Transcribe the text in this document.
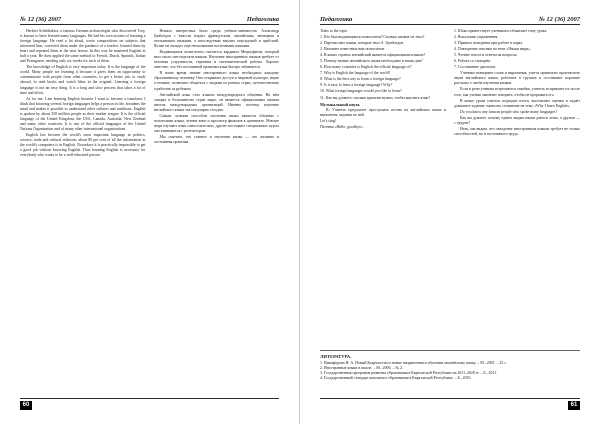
№ 12 (36) 2007	Педагогика

Herbert Schildtakers, a famous German archaeologist who discovered Troy, is known to have learned many languages. He had his own system of learning a foreign language. He read a lot aloud, wrote compositions on subjects that interested him, corrected them under the guidance of a teacher, learned them by heart and repeated them at the next lesson. In this way he mastered English in half a year. He then applied the same method to French, Dutch, Spanish, Italian and Portuguese, needing only six weeks for each of them.

The knowledge of English is very important today. It is the language of the world. Many people are learning it because it gives them an opportunity to communicate with people from other countries, to get a better job, to study abroad, to read books and watch films in the original. Learning a foreign language is not an easy thing. It is a long and slow process that takes a lot of time and effort.

As for me, I am learning English because I want to become a translator. I think that knowing several foreign languages helps a person in life, broadens the mind and makes it possible to understand other cultures and traditions. English is spoken by about 350 million people as their mother tongue. It is the official language of the United Kingdom, the USA, Canada, Australia, New Zealand and many other countries. It is one of the official languages of the United Nations Organization and of many other international organizations.

English has become the world's most important language in politics, science, trade and cultural relations; about 80 per cent of all the information in the world's computers is in English. Nowadays it is practically impossible to get a good job without knowing English. Thus learning English is necessary for everybody who wants to be a well-educated person.

Немало интересных было среди учёных-лингвистов. Александр Грибоедов с юности владел французским, английским, немецким и итальянским языками, а впоследствии выучил персидский и арабский. Позже он овладел ещё несколькими восточными языками.

Выдающимся полиглотом считается кардинал Меццофанти, который знал около шестидесяти языков. Изучение иностранных языков требует от человека усидчивости, терпения и систематической работы. Хорошо известно, что без постоянной практики язык быстро забывается.

В наше время знание иностранного языка необходимо каждому образованному человеку. Оно открывает доступ к мировой культуре, науке и технике, позволяет общаться с людьми из разных стран, путешествовать и работать за рубежом.

Английский язык стал языком международного общения. На нём говорят в большинстве стран мира, он является официальным языком многих международных организаций. Именно поэтому изучение английского языка так популярно сегодня.

Самым лучшим способом изучения языка является общение с носителями языка, чтение книг и просмотр фильмов в оригинале. Многие люди изучают язык самостоятельно, другие посещают специальные курсы или занимаются с репетитором.

Мы считаем, что главное в изучении языка — это желание и постоянная практика.

60
Педагогика	№ 12 (36) 2007

Tasks to the topic.

1. Кто был выдающимся полиглотом? Сколько языков он знал?

2. Перечислите языки, которые знал А. Грибоедов.

3. Назовите известных вам полиглотов.

4. В каких странах английский является официальным языком?

5. Почему знание английского языка необходимо в наши дни?

6. How many countries is English the official language of?

7. Why is English the language of the world?

8. What is the best way to learn a foreign language?

9. Is it easy to learn a foreign language? Why?

10. What foreign languages would you like to learn?

11. Как вы думаете, сколько времени нужно, чтобы выучить язык?

Музыкальный пауза.

В. Учитель предлагает прослушать песню на английском языке и выполнить задания по ней.

Let's sing!

Песенка «Hello, goodbye».

1. Шоко приветствует учеников и объявляет тему урока.

2. Вокальные упражнения.

3. Правила поведения при работе в парах.

4. Повторение лексики по теме «Языки мира».

5. Чтение текста и ответы на вопросы.

6. Работа со словарём.

7. Составление диалогов.

Ученики повторяют слова и выражения, учатся правильно произносить звуки английского языка, работают в группах и составляют короткие рассказы о своём изучении языков.

Если в речи ученика встречаются ошибки, учитель исправляет их после того, как ученик закончит говорить, чтобы не прерывать его.

В конце урока учитель подводит итоги, выставляет оценки и задаёт домашнее задание: написать сочинение на тему «Why I learn English».

Do you know any famous people who spoke many languages?

Как вы думаете, почему одним людям языки даются легко, а другим — с трудом?

Итак, мы видим, что овладение иностранным языком требует не только способностей, но и постоянного труда.

ЛИТЕРАТУРА.
1. Никифорова Н. А. Новый Кыргызстан и новые направления в обучении английскому языку. – М.: 2001. – 25 с.
2. Иностранные языки в школе. – М., 2006. – № 2.
3. Государственная программа развития образования в Кыргызской Республике на 2011–2020 гг. – Б., 2011.
4. Государственный стандарт школьного образования в Кыргызской Республике. – Б., 2010.
61
